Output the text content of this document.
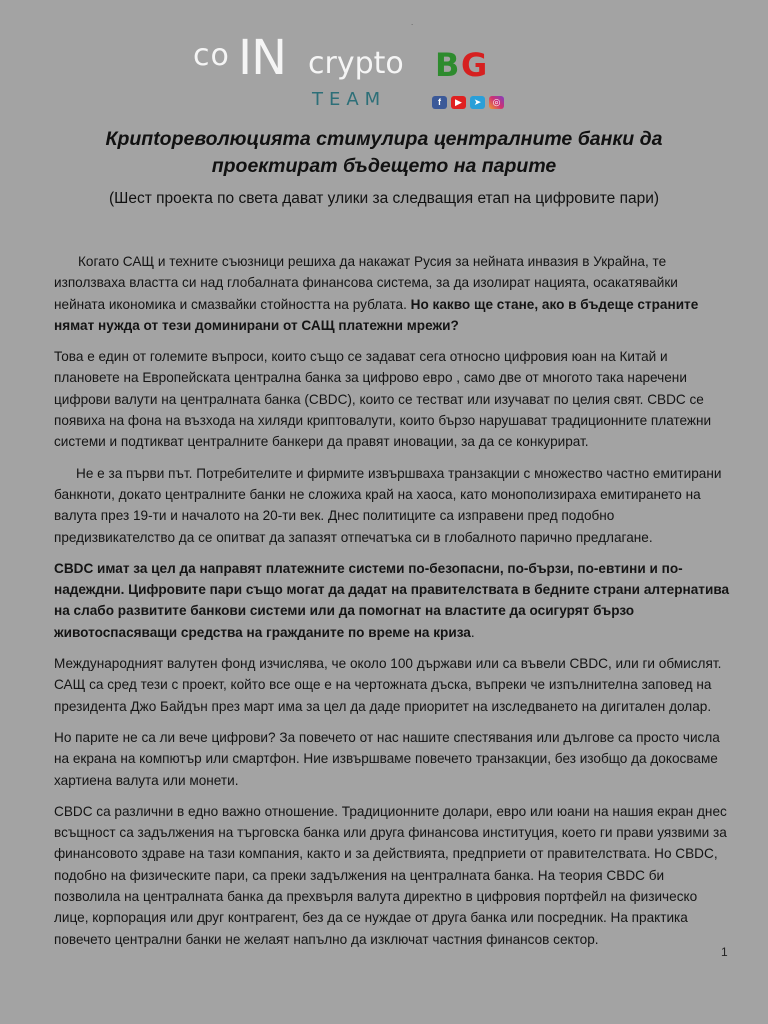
.
co IN crypto B G
TEAM	f	▶	➤	◎
Крипtoреволюцията стимулира централните банки да проектират бъдещето на парите
(Шест проекта по света дават улики за следващия етап на цифровите пари)

Когато САЩ и техните съюзници решиха да накажат Русия за нейната инвазия в Украйна, те използваха властта си над глобалната финансова система, за да изолират нацията, осакатявайки нейната икономика и смазвайки стойността на рублата. Но какво ще стане, ако в бъдеще страните нямат нужда от тези доминирани от САЩ платежни мрежи?

Това е един от големите въпроси, които също се задават сега относно цифровия юан на Китай и плановете на Европейската централна банка за цифрово евро , само две от многото така наречени цифрови валути на централната банка (CBDC), които се тестват или изучават по целия свят. CBDC се появиха на фона на възхода на хиляди криптовалути, които бързо нарушават традиционните платежни системи и подтикват централните банкери да правят иновации, за да се конкурират.

Не е за първи път. Потребителите и фирмите извършваха транзакции с множество частно емитирани банкноти, докато централните банки не сложиха край на хаоса, като монополизираха емитирането на валута през 19-ти и началото на 20-ти век. Днес политиците са изправени пред подобно предизвикателство да се опитват да запазят отпечатъка си в глобалното парично предлагане.

CBDC имат за цел да направят платежните системи по-безопасни, по-бързи, по-евтини и по-надеждни. Цифровите пари също могат да дадат на правителствата в бедните страни алтернатива на слабо развитите банкови системи или да помогнат на властите да осигурят бързо животоспасяващи средства на гражданите по време на криза.

Международният валутен фонд изчислява, че около 100 държави или са въвели CBDC, или ги обмислят. САЩ са сред тези с проект, който все още е на чертожната дъска, въпреки че изпълнителна заповед на президента Джо Байдън през март има за цел да даде приоритет на изследването на дигитален долар.

Но парите не са ли вече цифрови? За повечето от нас нашите спестявания или дългове са просто числа на екрана на компютър или смартфон. Ние извършваме повечето транзакции, без изобщо да докосваме хартиена валута или монети.

CBDC са различни в едно важно отношение. Традиционните долари, евро или юани на нашия екран днес всъщност са задължения на търговска банка или друга финансова институция, което ги прави уязвими за финансовото здраве на тази компания, както и за действията, предприети от правителствата. Но CBDC, подобно на физическите пари, са преки задължения на централната банка. На теория CBDC би позволила на централната банка да прехвърля валута директно в цифровия портфейл на физическо лице, корпорация или друг контрагент, без да се нуждае от друга банка или посредник. На практика повечето централни банки не желаят напълно да изключат частния финансов сектор.

1
